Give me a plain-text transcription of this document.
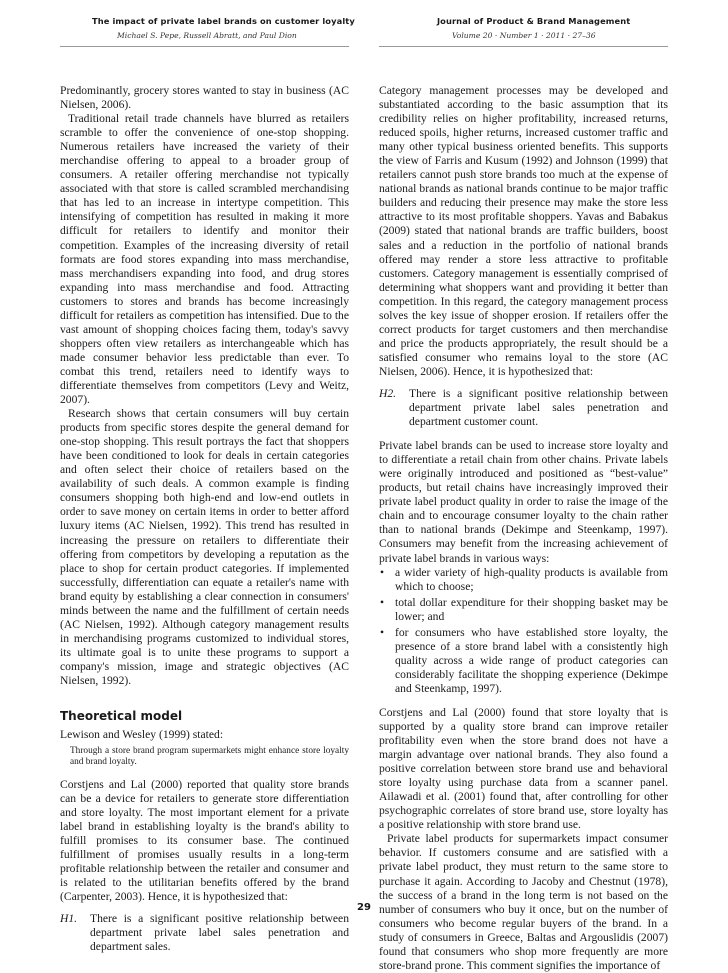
The impact of private label brands on customer loyalty	Journal of Product & Brand Management
Michael S. Pepe, Russell Abratt, and Paul Dion	Volume 20 · Number 1 · 2011 · 27–36

Predominantly, grocery stores wanted to stay in business (AC Nielsen, 2006).

Traditional retail trade channels have blurred as retailers scramble to offer the convenience of one-stop shopping. Numerous retailers have increased the variety of their merchandise offering to appeal to a broader group of consumers. A retailer offering merchandise not typically associated with that store is called scrambled merchandising that has led to an increase in intertype competition. This intensifying of competition has resulted in making it more difficult for retailers to identify and monitor their competition. Examples of the increasing diversity of retail formats are food stores expanding into mass merchandise, mass merchandisers expanding into food, and drug stores expanding into mass merchandise and food. Attracting customers to stores and brands has become increasingly difficult for retailers as competition has intensified. Due to the vast amount of shopping choices facing them, today's savvy shoppers often view retailers as interchangeable which has made consumer behavior less predictable than ever. To combat this trend, retailers need to identify ways to differentiate themselves from competitors (Levy and Weitz, 2007).

Research shows that certain consumers will buy certain products from specific stores despite the general demand for one-stop shopping. This result portrays the fact that shoppers have been conditioned to look for deals in certain categories and often select their choice of retailers based on the availability of such deals. A common example is finding consumers shopping both high-end and low-end outlets in order to save money on certain items in order to better afford luxury items (AC Nielsen, 1992). This trend has resulted in increasing the pressure on retailers to differentiate their offering from competitors by developing a reputation as the place to shop for certain product categories. If implemented successfully, differentiation can equate a retailer's name with brand equity by establishing a clear connection in consumers' minds between the name and the fulfillment of certain needs (AC Nielsen, 1992). Although category management results in merchandising programs customized to individual stores, its ultimate goal is to unite these programs to support a company's mission, image and strategic objectives (AC Nielsen, 1992).

Theoretical model

Lewison and Wesley (1999) stated:

Through a store brand program supermarkets might enhance store loyalty and brand loyalty.

Corstjens and Lal (2000) reported that quality store brands can be a device for retailers to generate store differentiation and store loyalty. The most important element for a private label brand in establishing loyalty is the brand's ability to fulfill promises to its consumer base. The continued fulfillment of promises usually results in a long-term profitable relationship between the retailer and consumer and is related to the utilitarian benefits offered by the brand (Carpenter, 2003). Hence, it is hypothesized that:

H1.	There is a significant positive relationship between department private label sales penetration and department sales.

Category management processes may be developed and substantiated according to the basic assumption that its credibility relies on higher profitability, increased returns, reduced spoils, higher returns, increased customer traffic and many other typical business oriented benefits. This supports the view of Farris and Kusum (1992) and Johnson (1999) that retailers cannot push store brands too much at the expense of national brands as national brands continue to be major traffic builders and reducing their presence may make the store less attractive to its most profitable shoppers. Yavas and Babakus (2009) stated that national brands are traffic builders, boost sales and a reduction in the portfolio of national brands offered may render a store less attractive to profitable customers. Category management is essentially comprised of determining what shoppers want and providing it better than competition. In this regard, the category management process solves the key issue of shopper erosion. If retailers offer the correct products for target customers and then merchandise and price the products appropriately, the result should be a satisfied consumer who remains loyal to the store (AC Nielsen, 2006). Hence, it is hypothesized that:

H2.	There is a significant positive relationship between department private label sales penetration and department customer count.

Private label brands can be used to increase store loyalty and to differentiate a retail chain from other chains. Private labels were originally introduced and positioned as “best-value” products, but retail chains have increasingly improved their private label product quality in order to raise the image of the chain and to encourage consumer loyalty to the chain rather than to national brands (Dekimpe and Steenkamp, 1997). Consumers may benefit from the increasing achievement of private label brands in various ways:

• a wider variety of high-quality products is available from which to choose;
• total dollar expenditure for their shopping basket may be lower; and
• for consumers who have established store loyalty, the presence of a store brand label with a consistently high quality across a wide range of product categories can considerably facilitate the shopping experience (Dekimpe and Steenkamp, 1997).

Corstjens and Lal (2000) found that store loyalty that is supported by a quality store brand can improve retailer profitability even when the store brand does not have a margin advantage over national brands. They also found a positive correlation between store brand use and behavioral store loyalty using purchase data from a scanner panel. Ailawadi et al. (2001) found that, after controlling for other psychographic correlates of store brand use, store loyalty has a positive relationship with store brand use.

Private label products for supermarkets impact consumer behavior. If customers consume and are satisfied with a private label product, they must return to the same store to purchase it again. According to Jacoby and Chestnut (1978), the success of a brand in the long term is not based on the number of consumers who buy it once, but on the number of consumers who become regular buyers of the brand. In a study of consumers in Greece, Baltas and Argouslidis (2007) found that consumers who shop more frequently are more store-brand prone. This comment signifies the importance of

29
